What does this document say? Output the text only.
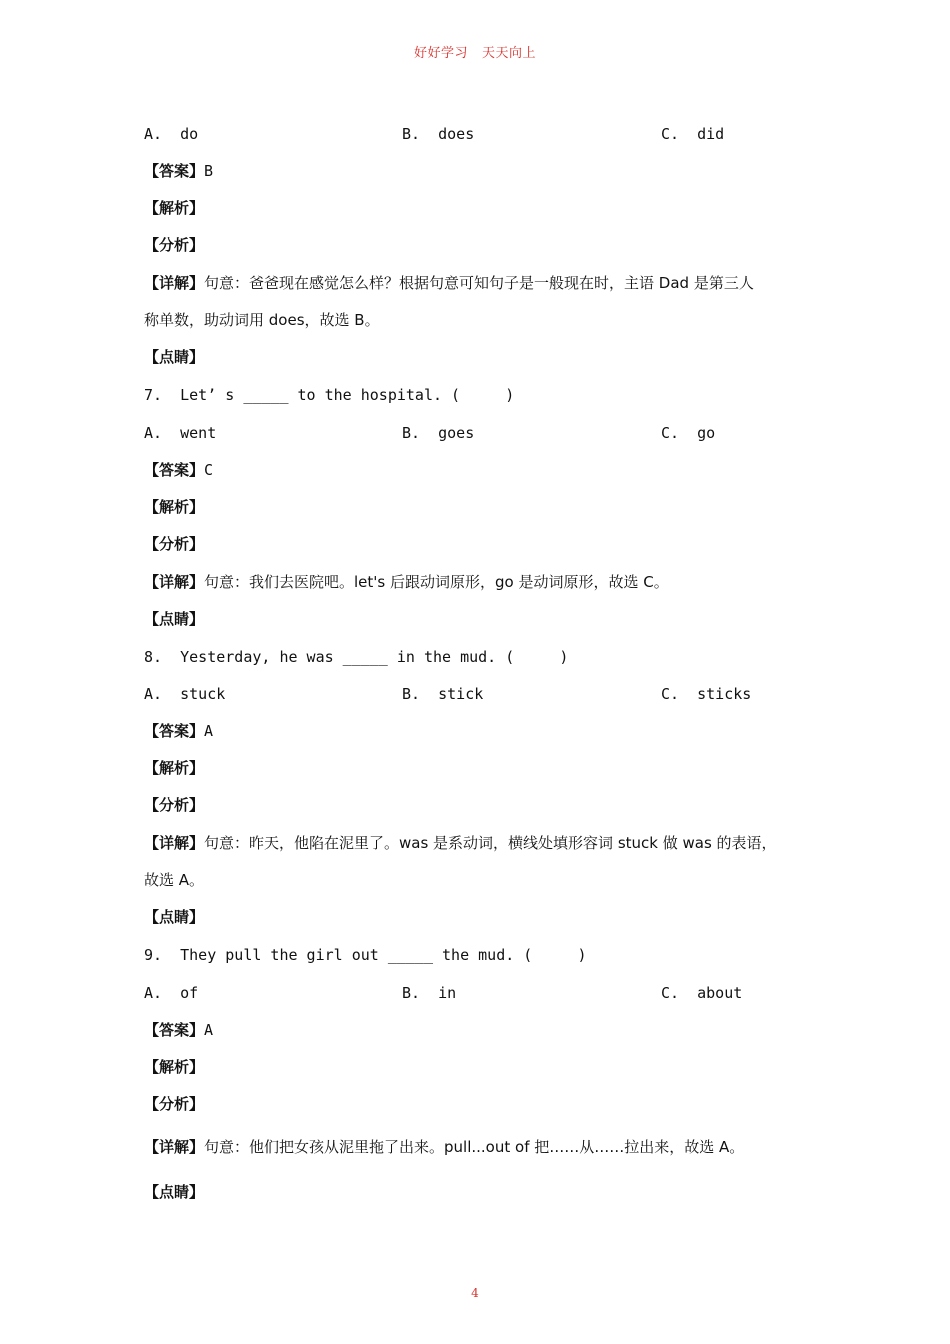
好好学习   天天向上
A.  do	B.  does	C.  did
【答案】B
【解析】
【分析】
【详解】句意：爸爸现在感觉怎么样？根据句意可知句子是一般现在时，主语 Dad 是第三人
称单数，助动词用 does，故选 B。
【点睛】
7.  Let’ s _____ to the hospital. (     )
A.  went	B.  goes	C.  go
【答案】C
【解析】
【分析】
【详解】句意：我们去医院吧。let's 后跟动词原形，go 是动词原形，故选 C。
【点睛】
8.  Yesterday, he was _____ in the mud. (     )
A.  stuck	B.  stick	C.  sticks
【答案】A
【解析】
【分析】
【详解】句意：昨天，他陷在泥里了。was 是系动词，横线处填形容词 stuck 做 was 的表语，
故选 A。
【点睛】
9.  They pull the girl out _____ the mud. (     )
A.  of	B.  in	C.  about
【答案】A
【解析】
【分析】
【详解】句意：他们把女孩从泥里拖了出来。pull...out of 把……从……拉出来，故选 A。
【点睛】
4
